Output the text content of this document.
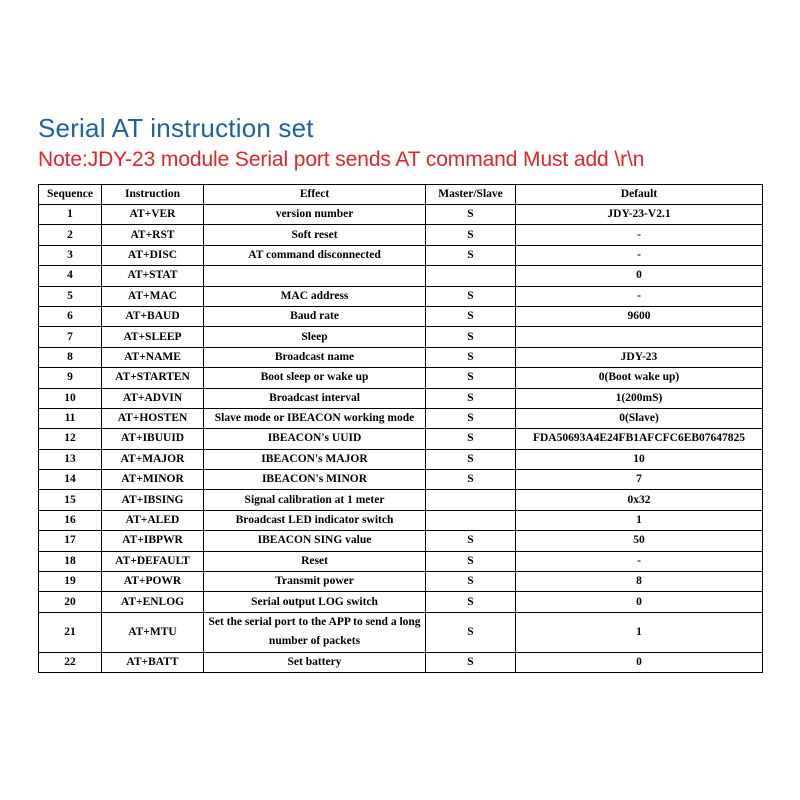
Serial AT instruction set

Note:JDY-23 module Serial port sends AT command Must add \r\n

Sequence	Instruction	Effect	Master/Slave	Default
1	AT+VER	version number	S	JDY-23-V2.1
2	AT+RST	Soft reset	S	-
3	AT+DISC	AT command disconnected	S	-
4	AT+STAT			0
5	AT+MAC	MAC address	S	-
6	AT+BAUD	Baud rate	S	9600
7	AT+SLEEP	Sleep	S	
8	AT+NAME	Broadcast name	S	JDY-23
9	AT+STARTEN	Boot sleep or wake up	S	0(Boot wake up)
10	AT+ADVIN	Broadcast interval	S	1(200mS)
11	AT+HOSTEN	Slave mode or IBEACON working mode	S	0(Slave)
12	AT+IBUUID	IBEACON's UUID	S	FDA50693A4E24FB1AFCFC6EB07647825
13	AT+MAJOR	IBEACON's MAJOR	S	10
14	AT+MINOR	IBEACON's MINOR	S	7
15	AT+IBSING	Signal calibration at 1 meter		0x32
16	AT+ALED	Broadcast LED indicator switch		1
17	AT+IBPWR	IBEACON SING value	S	50
18	AT+DEFAULT	Reset	S	-
19	AT+POWR	Transmit power	S	8
20	AT+ENLOG	Serial output LOG switch	S	0
21	AT+MTU	Set the serial port to the APP to send a long number of packets	S	1
22	AT+BATT	Set battery	S	0
